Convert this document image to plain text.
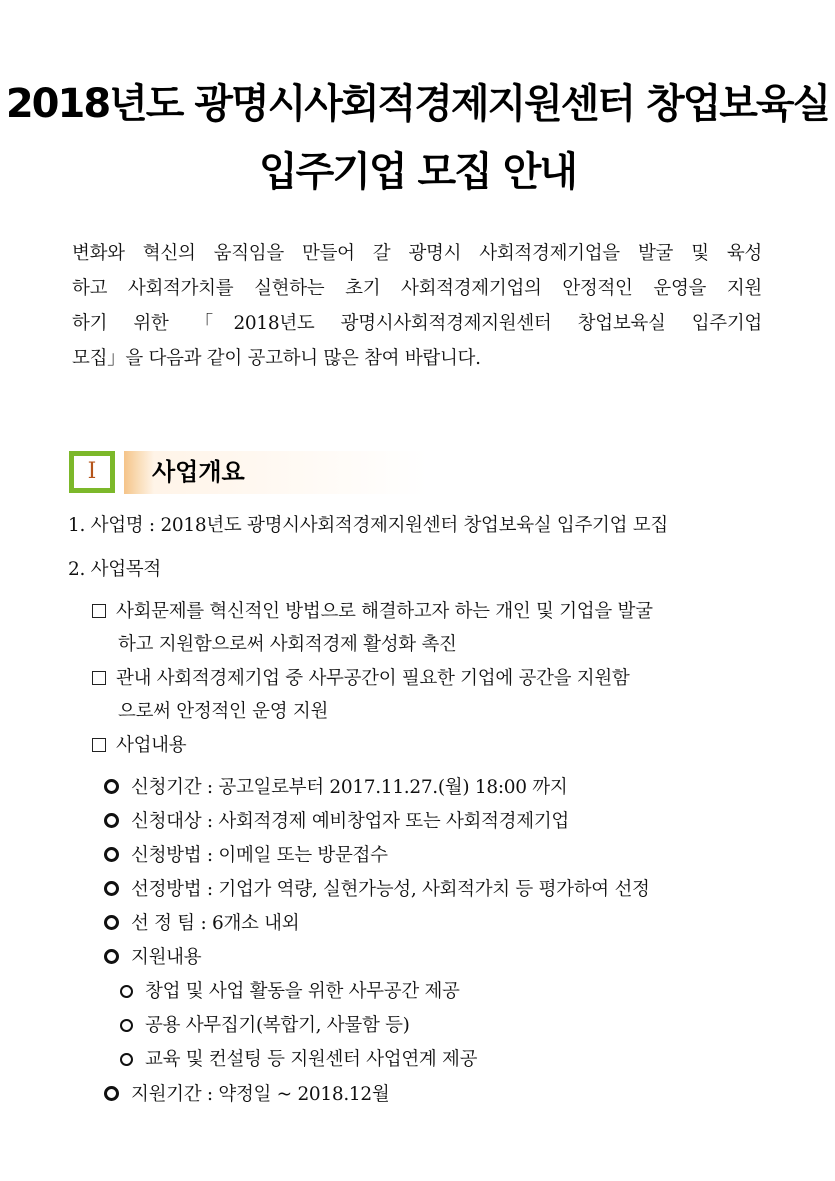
2018년도 광명시사회적경제지원센터 창업보육실
입주기업 모집 안내
변화와 혁신의 움직임을 만들어 갈 광명시 사회적경제기업을 발굴 및 육성
하고 사회적가치를 실현하는 초기 사회적경제기업의 안정적인 운영을 지원
하기 위한 「2018년도 광명시사회적경제지원센터 창업보육실 입주기업
모집」을 다음과 같이 공고하니 많은 참여 바랍니다.
I	사업개요
1. 사업명 : 2018년도 광명시사회적경제지원센터 창업보육실 입주기업 모집
2. 사업목적
사회문제를 혁신적인 방법으로 해결하고자 하는 개인 및 기업을 발굴
하고 지원함으로써 사회적경제 활성화 촉진
관내 사회적경제기업 중 사무공간이 필요한 기업에 공간을 지원함
으로써 안정적인 운영 지원
사업내용
신청기간 : 공고일로부터 2017.11.27.(월) 18:00 까지
신청대상 : 사회적경제 예비창업자 또는 사회적경제기업
신청방법 : 이메일 또는 방문접수
선정방법 : 기업가 역량, 실현가능성, 사회적가치 등 평가하여 선정
선 정 팀 : 6개소 내외
지원내용
창업 및 사업 활동을 위한 사무공간 제공
공용 사무집기(복합기, 사물함 등)
교육 및 컨설팅 등 지원센터 사업연계 제공
지원기간 : 약정일 ~ 2018.12월
